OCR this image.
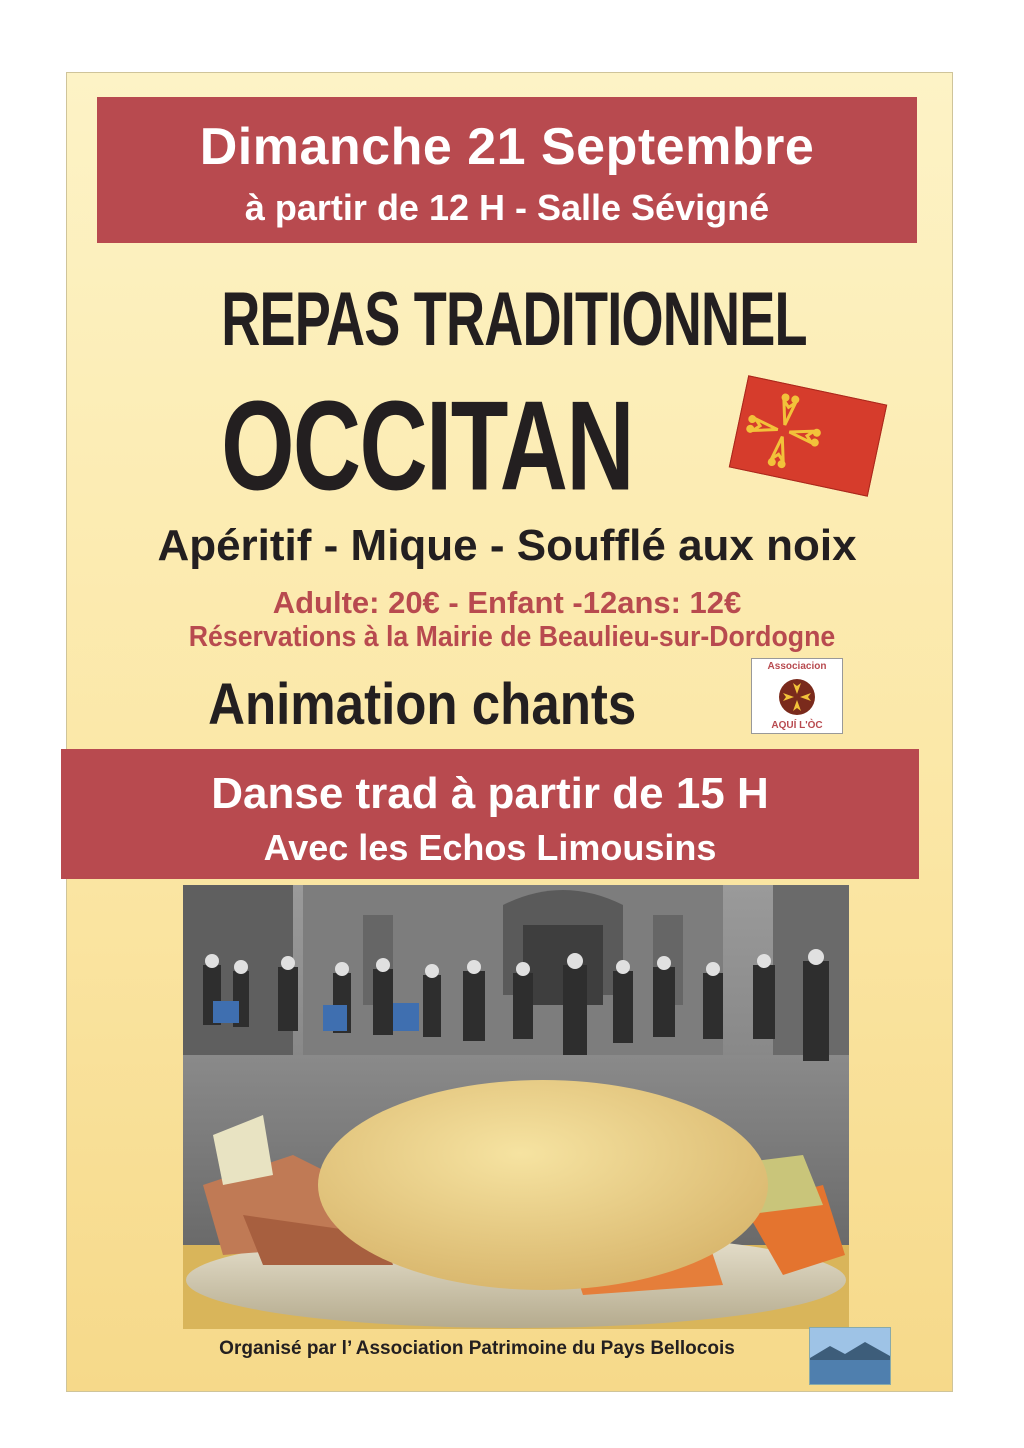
Dimanche 21 Septembre
à partir de 12 H - Salle Sévigné
REPAS TRADITIONNEL
OCCITAN
Apéritif - Mique - Soufflé aux noix
Adulte: 20€ - Enfant -12ans: 12€
Réservations à la Mairie de Beaulieu-sur-Dordogne
Animation chants
Associacion
AQUÍ L'ÒC
Danse trad à partir de 15 H
Avec les Echos Limousins
Organisé par l’ Association Patrimoine du Pays Bellocois
